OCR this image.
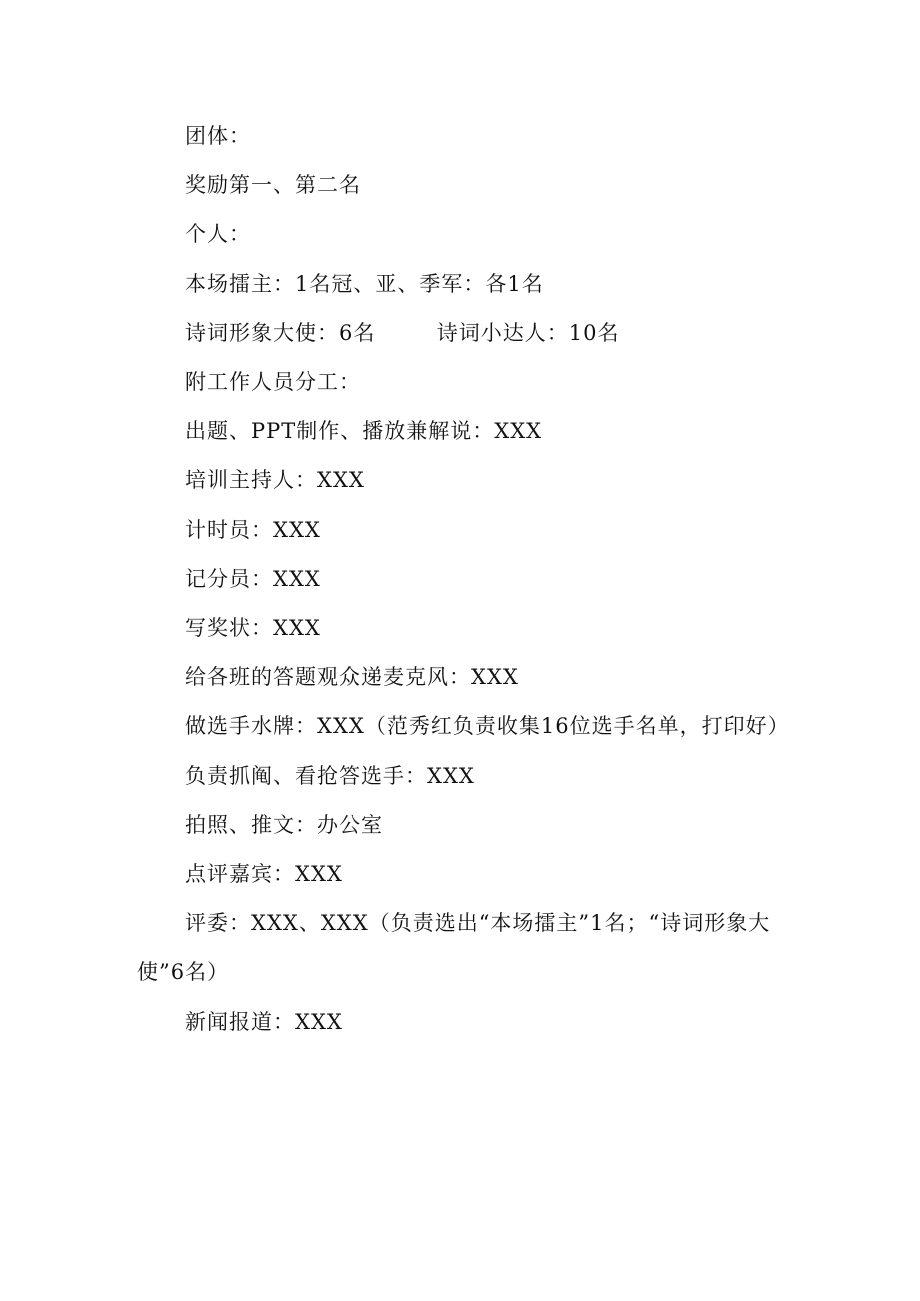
团体：

奖励第一、第二名

个人：

本场擂主：1名冠、亚、季军：各1名

诗词形象大使：6名        诗词小达人：10名

附工作人员分工：

出题、PPT制作、播放兼解说：XXX

培训主持人：XXX

计时员：XXX

记分员：XXX

写奖状：XXX

给各班的答题观众递麦克风：XXX

做选手水牌：XXX（范秀红负责收集16位选手名单，打印好）

负责抓阄、看抢答选手：XXX

拍照、推文：办公室

点评嘉宾：XXX

评委：XXX、XXX（负责选出“本场擂主”1名；“诗词形象大使”6名）

新闻报道：XXX
